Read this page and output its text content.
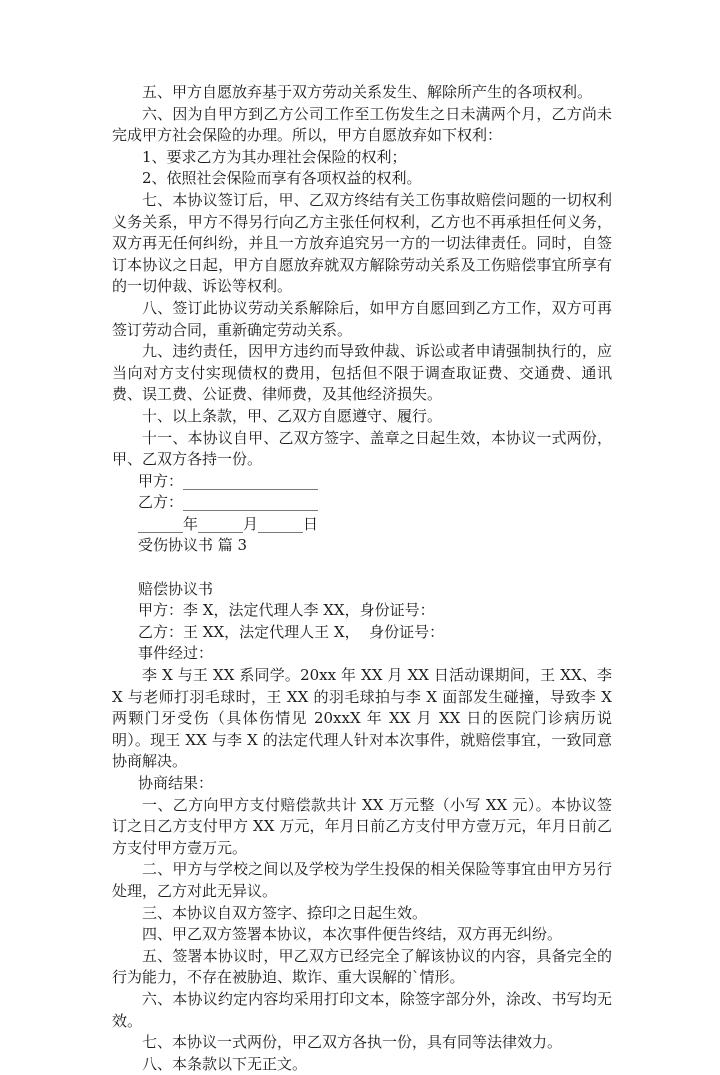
五、甲方自愿放弃基于双方劳动关系发生、解除所产生的各项权利。

六、因为自甲方到乙方公司工作至工伤发生之日未满两个月，乙方尚未完成甲方社会保险的办理。所以，甲方自愿放弃如下权利：

1、要求乙方为其办理社会保险的权利；

2、依照社会保险而享有各项权益的权利。

七、本协议签订后，甲、乙双方终结有关工伤事故赔偿问题的一切权利义务关系，甲方不得另行向乙方主张任何权利，乙方也不再承担任何义务，双方再无任何纠纷，并且一方放弃追究另一方的一切法律责任。同时，自签订本协议之日起，甲方自愿放弃就双方解除劳动关系及工伤赔偿事宜所享有的一切仲裁、诉讼等权利。

八、签订此协议劳动关系解除后，如甲方自愿回到乙方工作，双方可再签订劳动合同，重新确定劳动关系。

九、违约责任，因甲方违约而导致仲裁、诉讼或者申请强制执行的，应当向对方支付实现债权的费用，包括但不限于调查取证费、交通费、通讯费、误工费、公证费、律师费，及其他经济损失。

十、以上条款，甲、乙双方自愿遵守、履行。

十一、本协议自甲、乙双方签字、盖章之日起生效，本协议一式两份，甲、乙双方各持一份。

甲方：__________________

乙方：__________________

______年______月______日

受伤协议书 篇 3

赔偿协议书

甲方：李 X，法定代理人李 XX，身份证号：

乙方：王 XX，法定代理人王 X，  身份证号：

事件经过：

李 X 与王 XX 系同学。20xx 年 XX 月 XX 日活动课期间，王 XX、李 X 与老师打羽毛球时，王 XX 的羽毛球拍与李 X 面部发生碰撞，导致李 X 两颗门牙受伤（具体伤情见 20xxX 年 XX 月 XX 日的医院门诊病历说明）。现王 XX 与李 X 的法定代理人针对本次事件，就赔偿事宜，一致同意协商解决。

协商结果：

一、乙方向甲方支付赔偿款共计 XX 万元整（小写 XX 元）。本协议签订之日乙方支付甲方 XX 万元，年月日前乙方支付甲方壹万元，年月日前乙方支付甲方壹万元。

二、甲方与学校之间以及学校为学生投保的相关保险等事宜由甲方另行处理，乙方对此无异议。

三、本协议自双方签字、捺印之日起生效。

四、甲乙双方签署本协议，本次事件便告终结，双方再无纠纷。

五、签署本协议时，甲乙双方已经完全了解该协议的内容，具备完全的行为能力，不存在被胁迫、欺诈、重大误解的`情形。

六、本协议约定内容均采用打印文本，除签字部分外，涂改、书写均无效。

七、本协议一式两份，甲乙双方各执一份，具有同等法律效力。

八、本条款以下无正文。
